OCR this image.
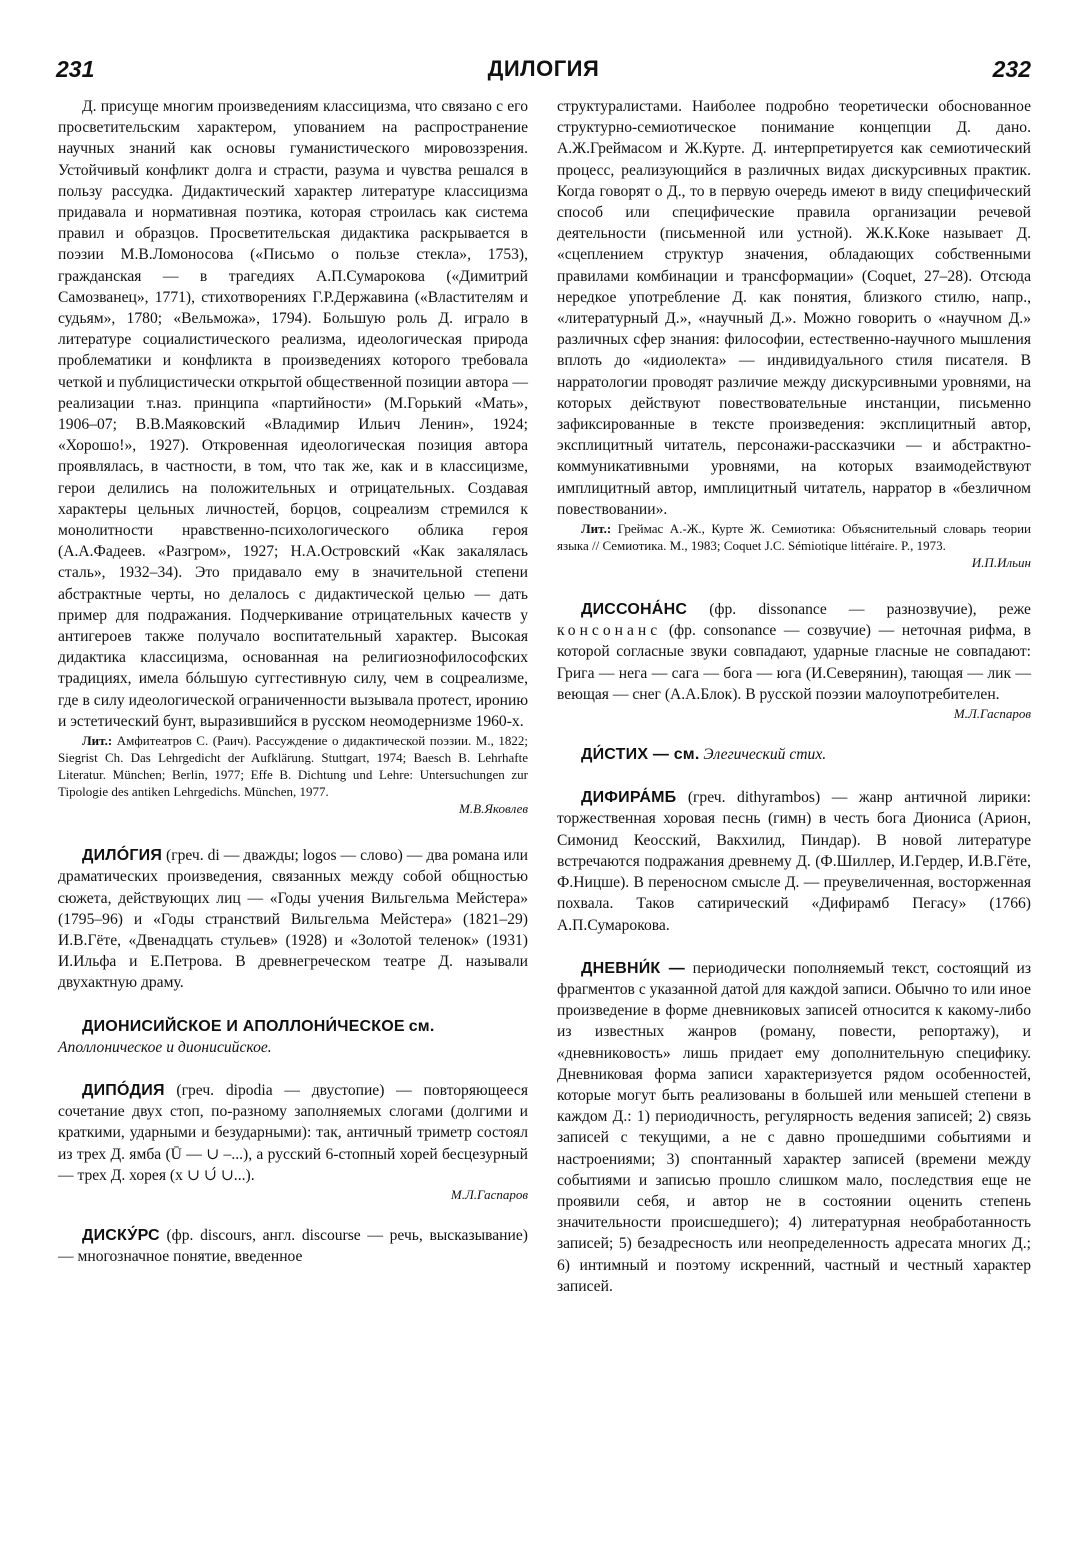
231	ДИЛОГИЯ	232

Д. присуще многим произведениям классицизма, что связано с его просветительским характером, упованием на распространение научных знаний как основы гуманистического мировоззрения. Устойчивый конфликт долга и страсти, разума и чувства решался в пользу рассудка. Дидактический характер литературе классицизма придавала и нормативная поэтика, которая строилась как система правил и образцов. Просветительская дидактика раскрывается в поэзии М.В.Ломоносова («Письмо о пользе стекла», 1753), гражданская — в трагедиях А.П.Сумарокова («Димитрий Самозванец», 1771), стихотворениях Г.Р.Державина («Властителям и судьям», 1780; «Вельможа», 1794). Большую роль Д. играло в литературе социалистического реализма, идеологическая природа проблематики и конфликта в произведениях которого требовала четкой и публицистически открытой общественной позиции автора — реализации т.наз. принципа «партийности» (М.Горький «Мать», 1906–07; В.В.Маяковский «Владимир Ильич Ленин», 1924; «Хорошо!», 1927). Откровенная идеологическая позиция автора проявлялась, в частности, в том, что так же, как и в классицизме, герои делились на положительных и отрицательных. Создавая характеры цельных личностей, борцов, соцреализм стремился к монолитности нравственно-психологического облика героя (А.А.Фадеев. «Разгром», 1927; Н.А.Островский «Как закалялась сталь», 1932–34). Это придавало ему в значительной степени абстрактные черты, но делалось с дидактической целью — дать пример для подражания. Подчеркивание отрицательных качеств у антигероев также получало воспитательный характер. Высокая дидактика классицизма, основанная на религиознофилософских традициях, имела бóльшую суггестивную силу, чем в соцреализме, где в силу идеологической ограниченности вызывала протест, иронию и эстетический бунт, выразившийся в русском неомодернизме 1960-х.

Лит.: Амфитеатров С. (Раич). Рассуждение о дидактической поэзии. М., 1822; Siegrist Ch. Das Lehrgedicht der Aufklärung. Stuttgart, 1974; Baesch B. Lehrhafte Literatur. München; Berlin, 1977; Effe B. Dichtung und Lehre: Untersuchungen zur Tipologie des antiken Lehrgedichs. München, 1977.

М.В.Яковлев

ДИЛÓГИЯ (греч. di — дважды; logos — слово) — два романа или драматических произведения, связанных между собой общностью сюжета, действующих лиц — «Годы учения Вильгельма Мейстера» (1795–96) и «Годы странствий Вильгельма Мейстера» (1821–29) И.В.Гёте, «Двенадцать стульев» (1928) и «Золотой теленок» (1931) И.Ильфа и Е.Петрова. В древнегреческом театре Д. называли двухактную драму.

ДИОНИСИЙСКОЕ И АПОЛЛОНИ́ЧЕСКОЕ см.

Аполлоническое и дионисийское.

ДИПÓДИЯ (греч. dipodia — двустопие) — повторяющееся сочетание двух стоп, по-разному заполняемых слогами (долгими и краткими, ударными и безударными): так, античный триметр состоял из трех Д. ямба (Ū — ∪ –...), а русский 6-стопный хорей бесцезурный — трех Д. хорея (x ∪ ∪́ ∪...).

М.Л.Гаспаров

ДИСКУ́РС (фр. discours, англ. discourse — речь, высказывание) — многозначное понятие, введенное

структуралистами. Наиболее подробно теоретически обоснованное структурно-семиотическое понимание концепции Д. дано. А.Ж.Греймасом и Ж.Курте. Д. интерпретируется как семиотический процесс, реализующийся в различных видах дискурсивных практик. Когда говорят о Д., то в первую очередь имеют в виду специфический способ или специфические правила организации речевой деятельности (письменной или устной). Ж.К.Коке называет Д. «сцеплением структур значения, обладающих собственными правилами комбинации и трансформации» (Coquet, 27–28). Отсюда нередкое употребление Д. как понятия, близкого стилю, напр., «литературный Д.», «научный Д.». Можно говорить о «научном Д.» различных сфер знания: философии, естественно-научного мышления вплоть до «идиолекта» — индивидуального стиля писателя. В нарратологии проводят различие между дискурсивными уровнями, на которых действуют повествовательные инстанции, письменно зафиксированные в тексте произведения: эксплицитный автор, эксплицитный читатель, персонажи-рассказчики — и абстрактно-коммуникативными уровнями, на которых взаимодействуют имплицитный автор, имплицитный читатель, нарратор в «безличном повествовании».

Лит.: Греймас А.-Ж., Курте Ж. Семиотика: Объяснительный словарь теории языка // Семиотика. М., 1983; Coquet J.C. Sémiotique littéraire. P., 1973.

И.П.Ильин

ДИССОНА́НС (фр. dissonance — разнозвучие), реже консонанс (фр. consonance — созвучие) — неточная рифма, в которой согласные звуки совпадают, ударные гласные не совпадают: Грига — нега — сага — бога — юга (И.Северянин), тающая — лик — веющая — снег (А.А.Блок). В русской поэзии малоупотребителен.

М.Л.Гаспаров

ДИ́СТИХ — см. Элегический стих.

ДИФИРА́МБ (греч. dithyrambos) — жанр античной лирики: торжественная хоровая песнь (гимн) в честь бога Диониса (Арион, Симонид Кеосский, Вакхилид, Пиндар). В новой литературе встречаются подражания древнему Д. (Ф.Шиллер, И.Гердер, И.В.Гёте, Ф.Ницше). В переносном смысле Д. — преувеличенная, восторженная похвала. Таков сатирический «Дифирамб Пегасу» (1766) А.П.Сумарокова.

ДНЕВНИ́К — периодически пополняемый текст, состоящий из фрагментов с указанной датой для каждой записи. Обычно то или иное произведение в форме дневниковых записей относится к какому-либо из известных жанров (роману, повести, репортажу), и «дневниковость» лишь придает ему дополнительную специфику. Дневниковая форма записи характеризуется рядом особенностей, которые могут быть реализованы в большей или меньшей степени в каждом Д.: 1) периодичность, регулярность ведения записей; 2) связь записей с текущими, а не с давно прошедшими событиями и настроениями; 3) спонтанный характер записей (времени между событиями и записью прошло слишком мало, последствия еще не проявили себя, и автор не в состоянии оценить степень значительности происшедшего); 4) литературная необработанность записей; 5) безадресность или неопределенность адресата многих Д.; 6) интимный и поэтому искренний, частный и честный характер записей.
